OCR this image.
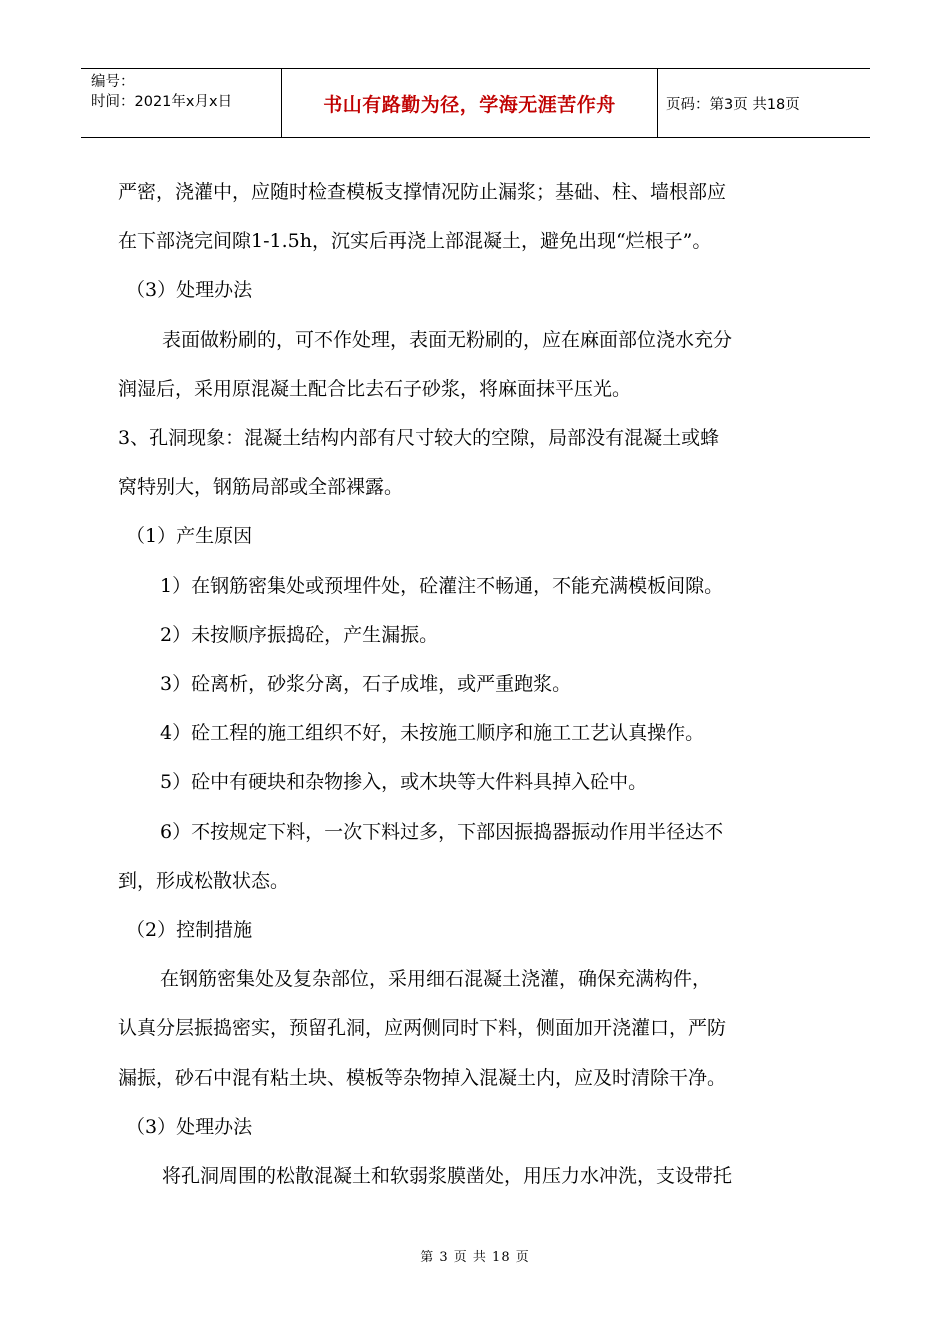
编号：
时间：2021年x月x日	书山有路勤为径，学海无涯苦作舟	页码：第3页 共18页

严密，浇灌中，应随时检查模板支撑情况防止漏浆；基础、柱、墙根部应

在下部浇完间隙1-1.5h，沉实后再浇上部混凝土，避免出现“烂根子”。

（3）处理办法

表面做粉刷的，可不作处理，表面无粉刷的，应在麻面部位浇水充分

润湿后，采用原混凝土配合比去石子砂浆，将麻面抹平压光。

3、孔洞现象：混凝土结构内部有尺寸较大的空隙，局部没有混凝土或蜂

窝特别大，钢筋局部或全部裸露。

（1）产生原因

1）在钢筋密集处或预埋件处，砼灌注不畅通，不能充满模板间隙。

2）未按顺序振捣砼，产生漏振。

3）砼离析，砂浆分离，石子成堆，或严重跑浆。

4）砼工程的施工组织不好，未按施工顺序和施工工艺认真操作。

5）砼中有硬块和杂物掺入，或木块等大件料具掉入砼中。

6）不按规定下料，一次下料过多，下部因振捣器振动作用半径达不

到，形成松散状态。

（2）控制措施

在钢筋密集处及复杂部位，采用细石混凝土浇灌，确保充满构件，

认真分层振捣密实，预留孔洞，应两侧同时下料，侧面加开浇灌口，严防

漏振，砂石中混有粘土块、模板等杂物掉入混凝土内，应及时清除干净。

（3）处理办法

将孔洞周围的松散混凝土和软弱浆膜凿处，用压力水冲洗，支设带托

第 3 页 共 18 页
